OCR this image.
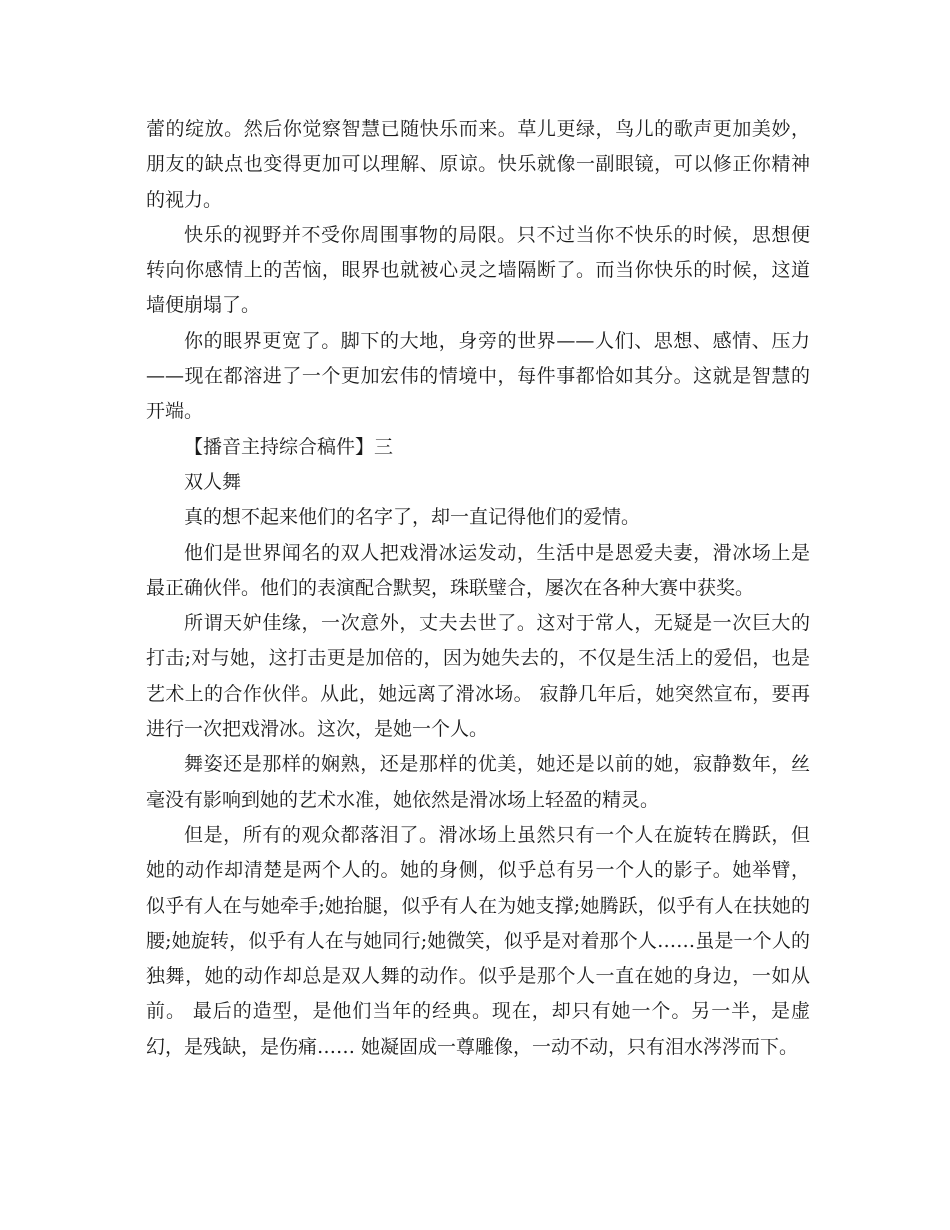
蕾的绽放。然后你觉察智慧已随快乐而来。草儿更绿，鸟儿的歌声更加美妙，朋友的缺点也变得更加可以理解、原谅。快乐就像一副眼镜，可以修正你精神的视力。

快乐的视野并不受你周围事物的局限。只不过当你不快乐的时候，思想便转向你感情上的苦恼，眼界也就被心灵之墙隔断了。而当你快乐的时候，这道墙便崩塌了。

你的眼界更宽了。脚下的大地，身旁的世界——人们、思想、感情、压力——现在都溶进了一个更加宏伟的情境中，每件事都恰如其分。这就是智慧的开端。

【播音主持综合稿件】三

双人舞

真的想不起来他们的名字了，却一直记得他们的爱情。

他们是世界闻名的双人把戏滑冰运发动，生活中是恩爱夫妻，滑冰场上是最正确伙伴。他们的表演配合默契，珠联璧合，屡次在各种大赛中获奖。

所谓天妒佳缘，一次意外，丈夫去世了。这对于常人，无疑是一次巨大的打击;对与她，这打击更是加倍的，因为她失去的，不仅是生活上的爱侣，也是艺术上的合作伙伴。从此，她远离了滑冰场。 寂静几年后，她突然宣布，要再进行一次把戏滑冰。这次，是她一个人。

舞姿还是那样的娴熟，还是那样的优美，她还是以前的她，寂静数年，丝毫没有影响到她的艺术水准，她依然是滑冰场上轻盈的精灵。

但是，所有的观众都落泪了。滑冰场上虽然只有一个人在旋转在腾跃，但她的动作却清楚是两个人的。她的身侧，似乎总有另一个人的影子。她举臂，似乎有人在与她牵手;她抬腿，似乎有人在为她支撑;她腾跃，似乎有人在扶她的腰;她旋转，似乎有人在与她同行;她微笑，似乎是对着那个人……虽是一个人的独舞，她的动作却总是双人舞的动作。似乎是那个人一直在她的身边，一如从前。 最后的造型，是他们当年的经典。现在，却只有她一个。另一半，是虚幻，是残缺，是伤痛…… 她凝固成一尊雕像，一动不动，只有泪水涔涔而下。
